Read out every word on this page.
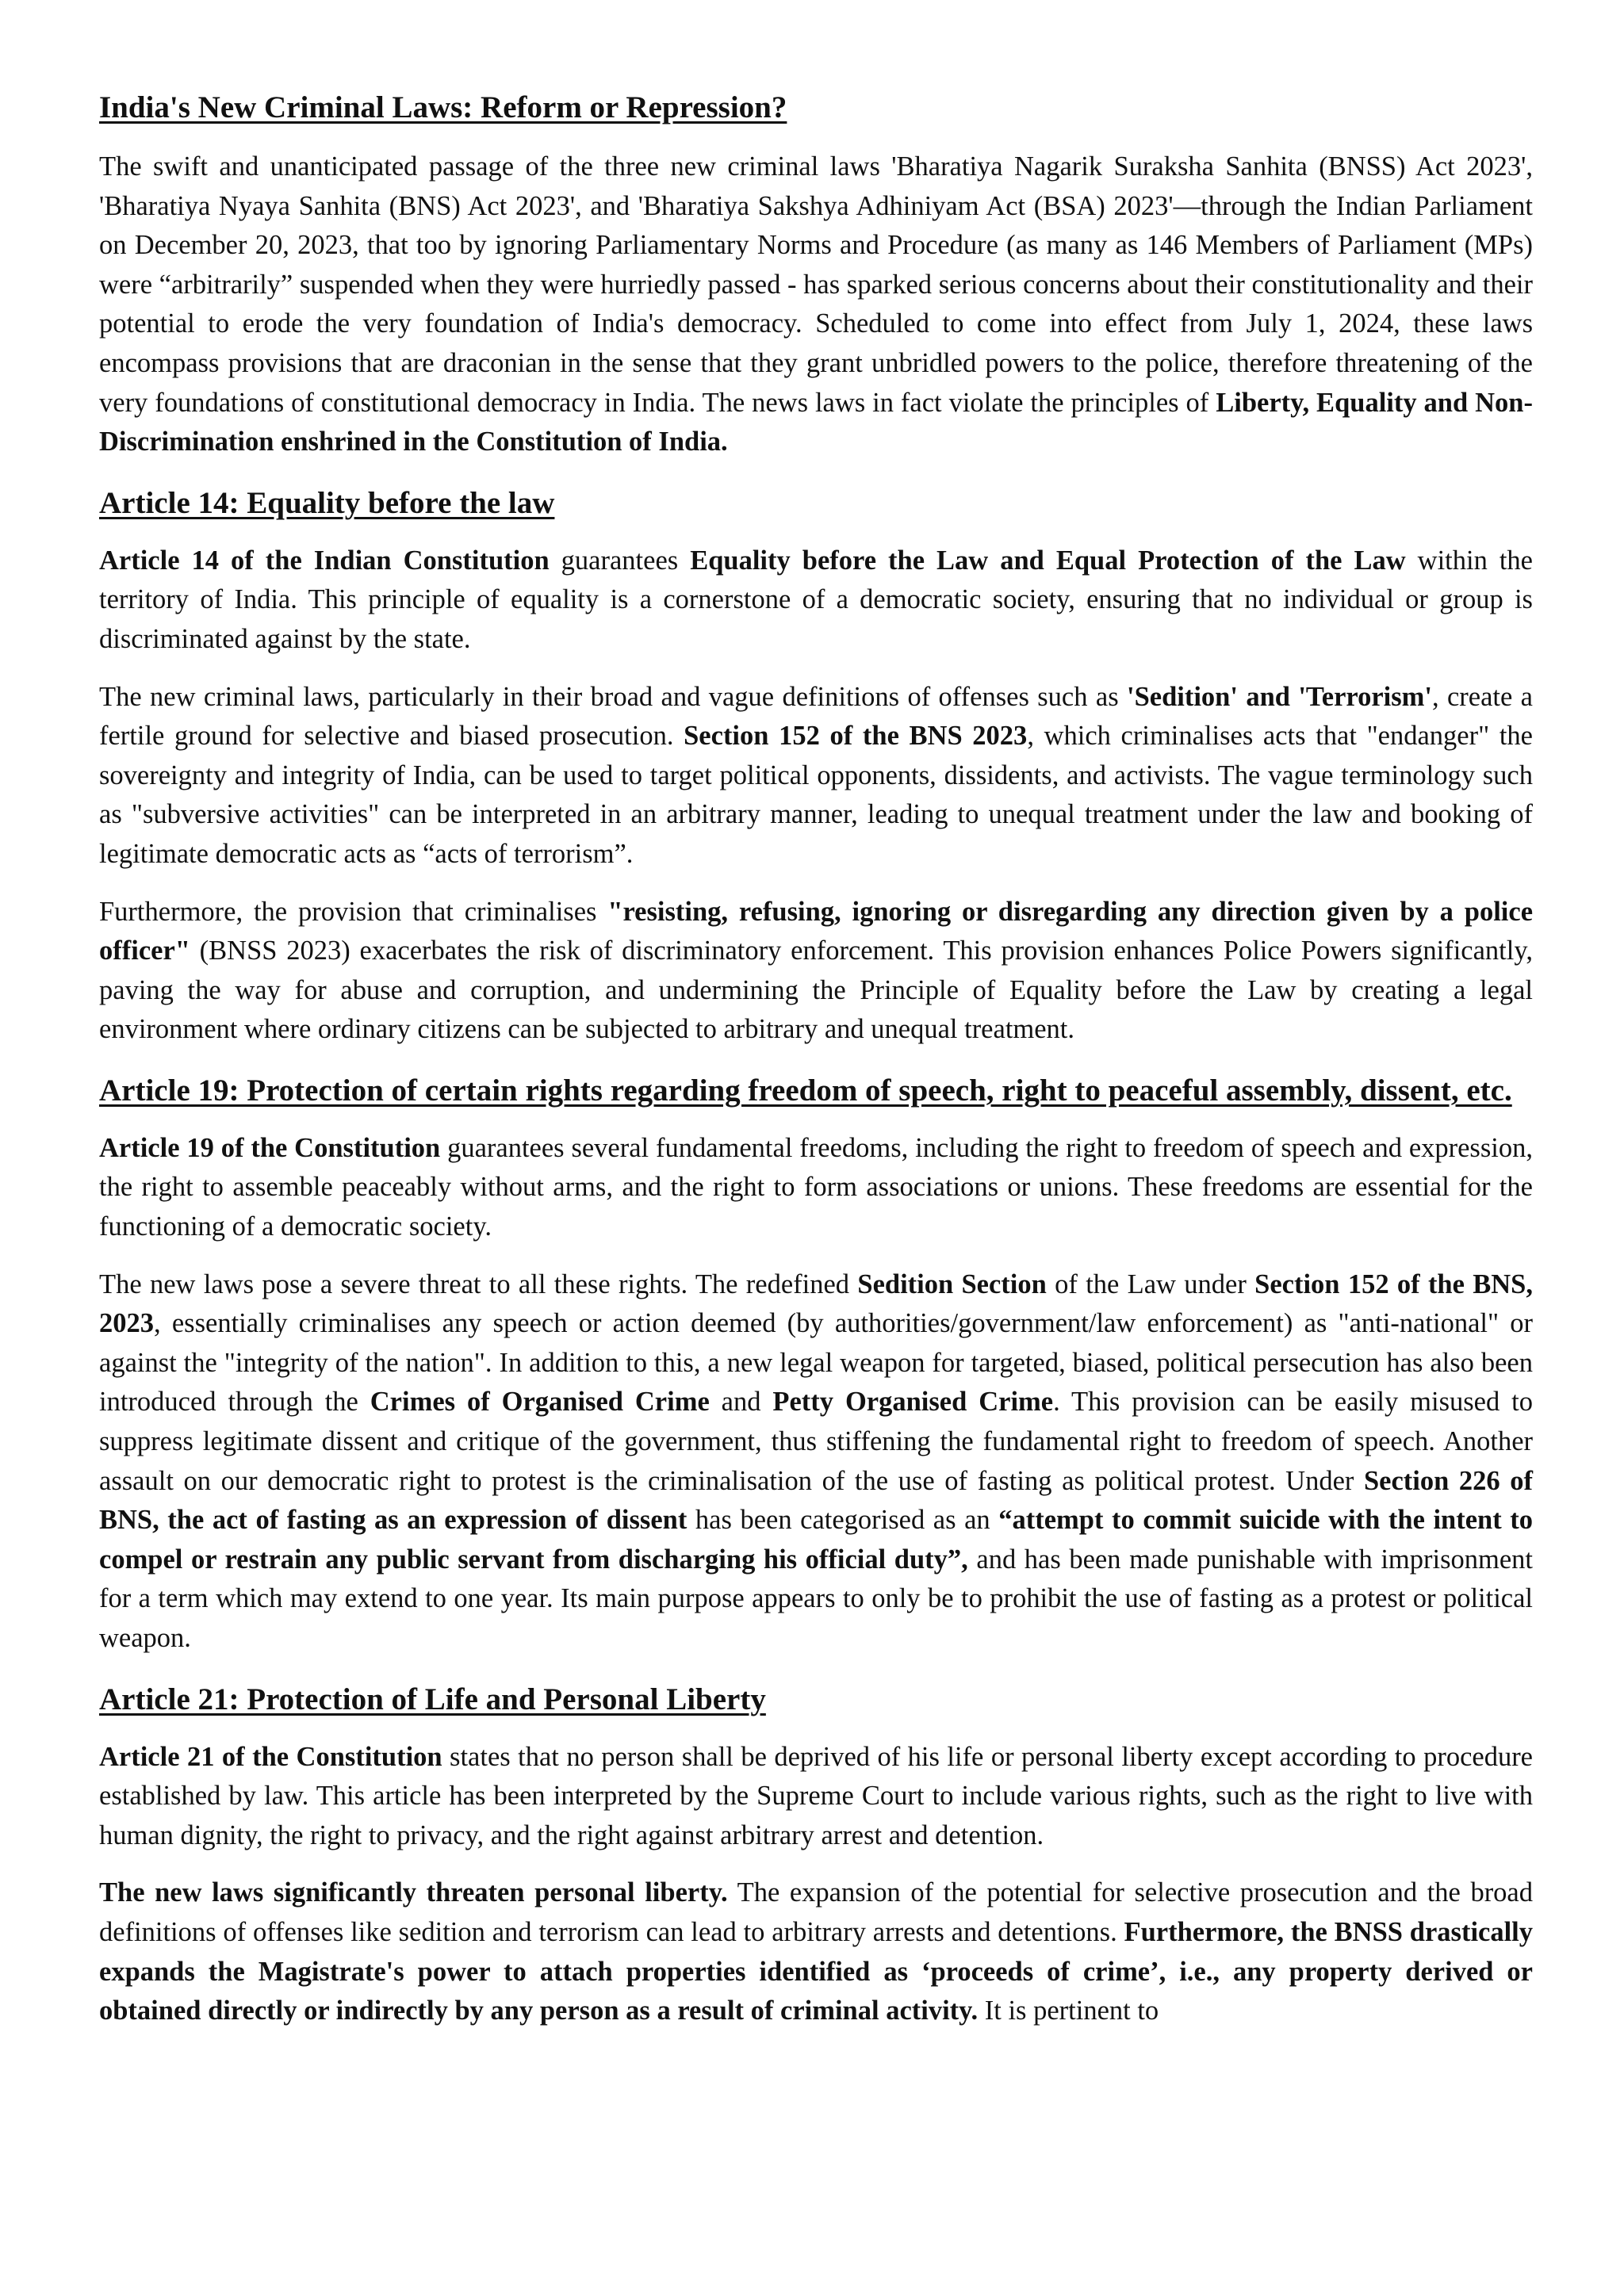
India's New Criminal Laws: Reform or Repression?

The swift and unanticipated passage of the three new criminal laws 'Bharatiya Nagarik Suraksha Sanhita (BNSS) Act 2023', 'Bharatiya Nyaya Sanhita (BNS) Act 2023', and 'Bharatiya Sakshya Adhiniyam Act (BSA) 2023'—through the Indian Parliament on December 20, 2023, that too by ignoring Parliamentary Norms and Procedure (as many as 146 Members of Parliament (MPs) were “arbitrarily” suspended when they were hurriedly passed - has sparked serious concerns about their constitutionality and their potential to erode the very foundation of India's democracy. Scheduled to come into effect from July 1, 2024, these laws encompass provisions that are draconian in the sense that they grant unbridled powers to the police, therefore threatening of the very foundations of constitutional democracy in India. The news laws in fact violate the principles of Liberty, Equality and Non-Discrimination enshrined in the Constitution of India.

Article 14: Equality before the law

Article 14 of the Indian Constitution guarantees Equality before the Law and Equal Protection of the Law within the territory of India. This principle of equality is a cornerstone of a democratic society, ensuring that no individual or group is discriminated against by the state.

The new criminal laws, particularly in their broad and vague definitions of offenses such as 'Sedition' and 'Terrorism', create a fertile ground for selective and biased prosecution. Section 152 of the BNS 2023, which criminalises acts that "endanger" the sovereignty and integrity of India, can be used to target political opponents, dissidents, and activists. The vague terminology such as "subversive activities" can be interpreted in an arbitrary manner, leading to unequal treatment under the law and booking of legitimate democratic acts as “acts of terrorism”.

Furthermore, the provision that criminalises "resisting, refusing, ignoring or disregarding any direction given by a police officer" (BNSS 2023) exacerbates the risk of discriminatory enforcement. This provision enhances Police Powers significantly, paving the way for abuse and corruption, and undermining the Principle of Equality before the Law by creating a legal environment where ordinary citizens can be subjected to arbitrary and unequal treatment.

Article 19: Protection of certain rights regarding freedom of speech, right to peaceful assembly, dissent, etc.

Article 19 of the Constitution guarantees several fundamental freedoms, including the right to freedom of speech and expression, the right to assemble peaceably without arms, and the right to form associations or unions. These freedoms are essential for the functioning of a democratic society.

The new laws pose a severe threat to all these rights. The redefined Sedition Section of the Law under Section 152 of the BNS, 2023, essentially criminalises any speech or action deemed (by authorities/government/law enforcement) as "anti-national" or against the "integrity of the nation". In addition to this, a new legal weapon for targeted, biased, political persecution has also been introduced through the Crimes of Organised Crime and Petty Organised Crime. This provision can be easily misused to suppress legitimate dissent and critique of the government, thus stiffening the fundamental right to freedom of speech. Another assault on our democratic right to protest is the criminalisation of the use of fasting as political protest. Under Section 226 of BNS, the act of fasting as an expression of dissent has been categorised as an “attempt to commit suicide with the intent to compel or restrain any public servant from discharging his official duty”, and has been made punishable with imprisonment for a term which may extend to one year. Its main purpose appears to only be to prohibit the use of fasting as a protest or political weapon.

Article 21: Protection of Life and Personal Liberty

Article 21 of the Constitution states that no person shall be deprived of his life or personal liberty except according to procedure established by law. This article has been interpreted by the Supreme Court to include various rights, such as the right to live with human dignity, the right to privacy, and the right against arbitrary arrest and detention.

The new laws significantly threaten personal liberty. The expansion of the potential for selective prosecution and the broad definitions of offenses like sedition and terrorism can lead to arbitrary arrests and detentions. Furthermore, the BNSS drastically expands the Magistrate's power to attach properties identified as ‘proceeds of crime’, i.e., any property derived or obtained directly or indirectly by any person as a result of criminal activity. It is pertinent to
